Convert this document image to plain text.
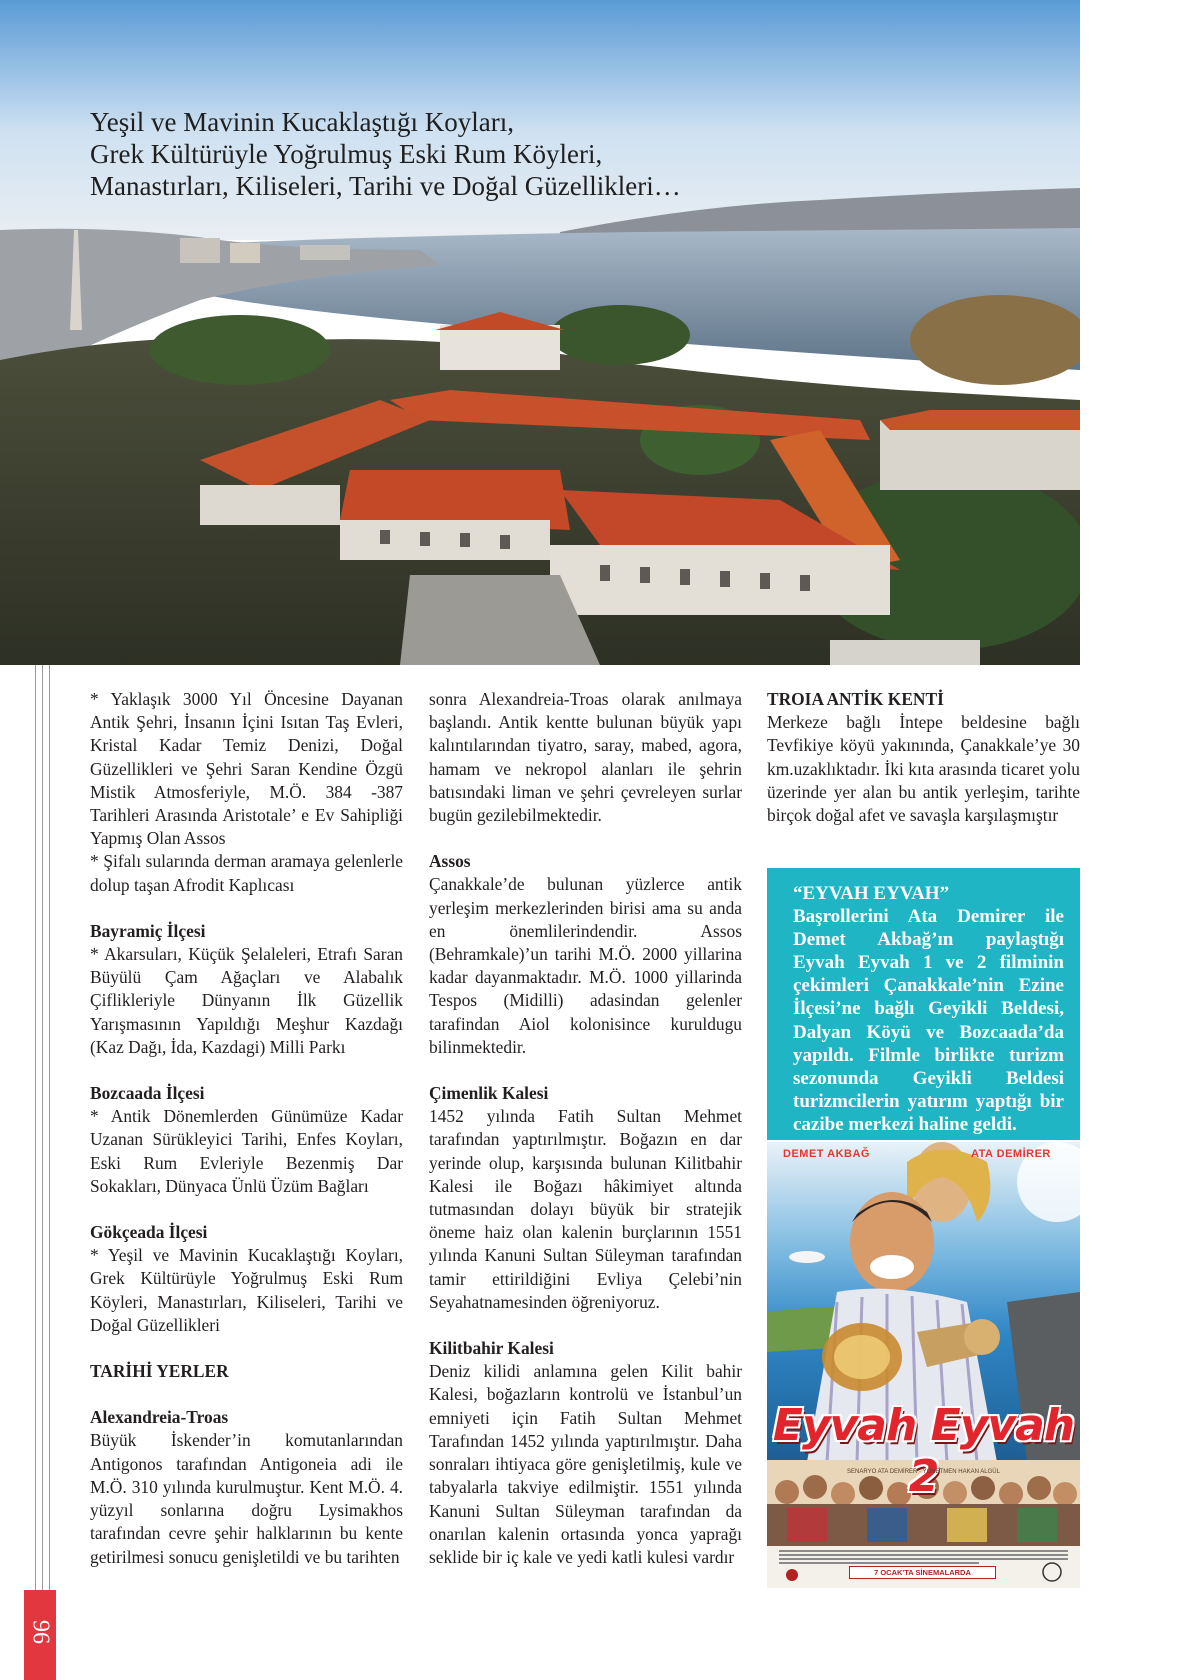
96
Yeşil ve Mavinin Kucaklaştığı Koyları,
Grek Kültürüyle Yoğrulmuş Eski Rum Köyleri,
Manastırları, Kiliseleri, Tarihi ve Doğal Güzellikleri…

* Yaklaşık 3000 Yıl Öncesine Dayanan Antik Şehri, İnsanın İçini Isıtan Taş Evleri, Kristal Kadar Temiz Denizi, Doğal Güzellikleri ve Şehri Saran Kendine Özgü Mistik Atmosferiyle, M.Ö. 384 -387 Tarihleri Arasında Aristotale’ e Ev Sahipliği Yapmış Olan Assos

* Şifalı sularında derman aramaya gelenlerle dolup taşan Afrodit Kaplıcası

Bayramiç İlçesi

* Akarsuları, Küçük Şelaleleri, Etrafı Saran Büyülü Çam Ağaçları ve Alabalık Çiflikleriyle Dünyanın İlk Güzellik Yarışmasının Yapıldığı Meşhur Kazdağı (Kaz Dağı, İda, Kazdagi) Milli Parkı

Bozcaada İlçesi

* Antik Dönemlerden Günümüze Kadar Uzanan Sürükleyici Tarihi, Enfes Koyları, Eski Rum Evleriyle Bezenmiş Dar Sokakları, Dünyaca Ünlü Üzüm Bağları

Gökçeada İlçesi

* Yeşil ve Mavinin Kucaklaştığı Koyları, Grek Kültürüyle Yoğrulmuş Eski Rum Köyleri, Manastırları, Kiliseleri, Tarihi ve Doğal Güzellikleri

TARİHİ YERLER
Alexandreia-Troas

Büyük İskender’in komutanlarından Antigonos tarafından Antigoneia adi ile M.Ö. 310 yılında kurulmuştur. Kent M.Ö. 4. yüzyıl sonlarına doğru Lysimakhos tarafından cevre şehir halklarının bu kente getirilmesi sonucu genişletildi ve bu tarihten

sonra Alexandreia-Troas olarak anılmaya başlandı. Antik kentte bulunan büyük yapı kalıntılarından tiyatro, saray, mabed, agora, hamam ve nekropol alanları ile şehrin batısındaki liman ve şehri çevreleyen surlar bugün gezilebilmektedir.

Assos

Çanakkale’de bulunan yüzlerce antik yerleşim merkezlerinden birisi ama su anda en önemlilerindendir. Assos (Behramkale)’un tarihi M.Ö. 2000 yillarina kadar dayanmaktadır. M.Ö. 1000 yillarinda Tespos (Midilli) adasindan gelenler tarafindan Aiol kolonisince kuruldugu bilinmektedir.

Çimenlik Kalesi

1452 yılında Fatih Sultan Mehmet tarafından yaptırılmıştır. Boğazın en dar yerinde olup, karşısında bulunan Kilitbahir Kalesi ile Boğazı hâkimiyet altında tutmasından dolayı büyük bir stratejik öneme haiz olan kalenin burçlarının 1551 yılında Kanuni Sultan Süleyman tarafından tamir ettirildiğini Evliya Çelebi’nin Seyahatnamesinden öğreniyoruz.

Kilitbahir Kalesi

Deniz kilidi anlamına gelen Kilit bahir Kalesi, boğazların kontrolü ve İstanbul’un emniyeti için Fatih Sultan Mehmet Tarafından 1452 yılında yaptırılmıştır. Daha sonraları ihtiyaca göre genişletilmiş, kule ve tabyalarla takviye edilmiştir. 1551 yılında Kanuni Sultan Süleyman tarafından da onarılan kalenin ortasında yonca yaprağı seklide bir iç kale ve yedi katli kulesi vardır

TROIA ANTİK KENTİ

Merkeze bağlı İntepe beldesine bağlı Tevfikiye köyü yakınında, Çanakkale’ye 30 km.uzaklıktadır. İki kıta arasında ticaret yolu üzerinde yer alan bu antik yerleşim, tarihte birçok doğal afet ve savaşla karşılaşmıştır

“EYVAH EYVAH”

Başrollerini Ata Demirer ile Demet Akbağ’ın paylaştığı Eyvah Eyvah 1 ve 2 filminin çekimleri Çanakkale’nin Ezine İlçesi’ne bağlı Geyikli Beldesi, Dalyan Köyü ve Bozcaada’da yapıldı. Filmle birlikte turizm sezonunda Geyikli Beldesi turizmcilerin yatırım yaptığı bir cazibe merkezi haline geldi.

DEMET AKBAĞ	ATA DEMİRER
Eyvah Eyvah 2
SENARYO ATA DEMİRER · YÖNETMEN HAKAN ALGÜL
7 OCAK'TA SİNEMALARDA
